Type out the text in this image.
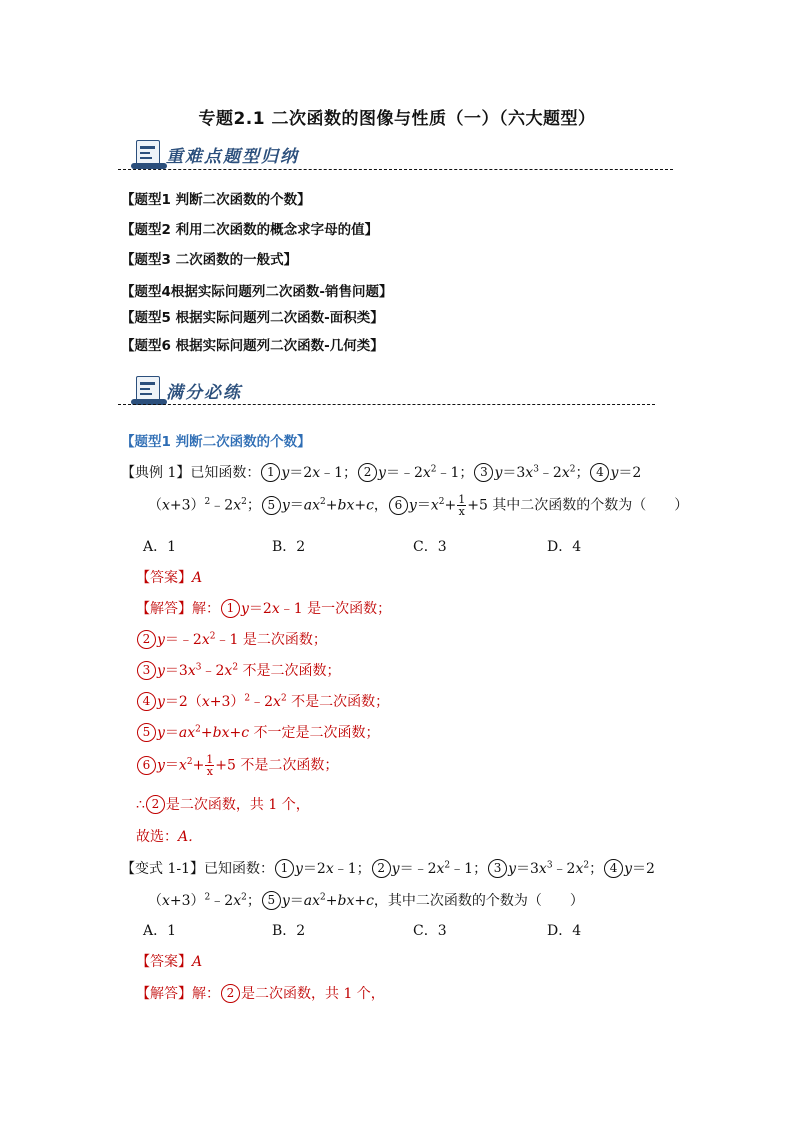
专题2.1 二次函数的图像与性质（一）（六大题型）
重难点题型归纳
【题型1 判断二次函数的个数】
【题型2 利用二次函数的概念求字母的值】
【题型3 二次函数的一般式】
【题型4根据实际问题列二次函数-销售问题】
【题型5 根据实际问题列二次函数-面积类】
【题型6 根据实际问题列二次函数-几何类】
满分必练
【题型1 判断二次函数的个数】
【典例 1】已知函数： 1 y＝2x﹣1； 2 $y=﹣2x^2﹣1$； 3 $y=3x^3﹣2x^2$； 4 y＝2
$(x+3)^2﹣2x^2$； 5 $y=ax^2+bx+c$， 6 $y=x^2+ \frac{1}{x} +5$ 其中二次函数的个数为（　　）
A．1	B．2	C．3	D．4
【答案】A
【解答】解： 1 y＝2x﹣1 是一次函数；
2 $y=﹣2x^2﹣1$ 是二次函数；
3 $y=3x^3﹣2x^2$ 不是二次函数；
4 $y=2(x+3)^2﹣2x^2$ 不是二次函数；
5 $y=ax^2+bx+c$ 不一定是二次函数；
6 $y=x^2+ \frac{1}{x} +5$ 不是二次函数；
∴ 2 是二次函数，共 1 个，
故选：A．
【变式 1-1】已知函数： 1 y＝2x﹣1； 2 $y=﹣2x^2﹣1$； 3 $y=3x^3﹣2x^2$； 4 y＝2
$(x+3)^2﹣2x^2$； 5 $y=ax^2+bx+c$，其中二次函数的个数为（　　）
A．1	B．2	C．3	D．4
【答案】A
【解答】解： 2 是二次函数，共 1 个，
